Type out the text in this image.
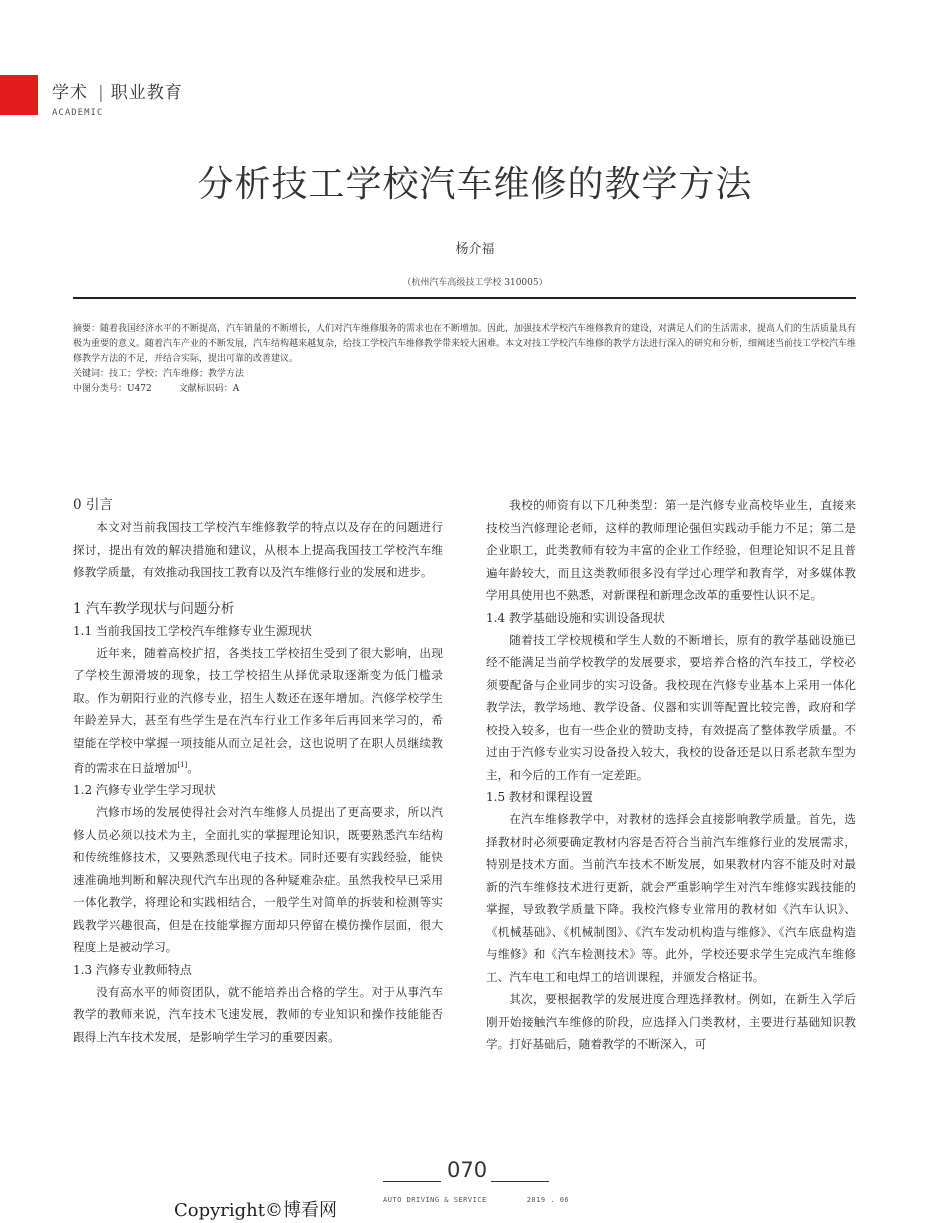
学术 | 职业教育
ACADEMIC
分析技工学校汽车维修的教学方法
杨介福
（杭州汽车高级技工学校 310005）

摘要：随着我国经济水平的不断提高，汽车销量的不断增长，人们对汽车维修服务的需求也在不断增加。因此，加强技术学校汽车维修教育的建设，对满足人们的生活需求，提高人们的生活质量具有极为重要的意义。随着汽车产业的不断发展，汽车结构越来越复杂，给技工学校汽车维修教学带来较大困难。本文对技工学校汽车维修的教学方法进行深入的研究和分析，细阐述当前技工学校汽车维修教学方法的不足，并结合实际，提出可靠的改善建议。

关键词：技工；学校；汽车维修；教学方法

中图分类号：U472　　　文献标识码：A

0 引言

本文对当前我国技工学校汽车维修教学的特点以及存在的问题进行探讨，提出有效的解决措施和建议，从根本上提高我国技工学校汽车维修教学质量，有效推动我国技工教育以及汽车维修行业的发展和进步。

1 汽车教学现状与问题分析

1.1 当前我国技工学校汽车维修专业生源现状

近年来，随着高校扩招，各类技工学校招生受到了很大影响，出现了学校生源滑坡的现象，技工学校招生从择优录取逐渐变为低门槛录取。作为朝阳行业的汽修专业，招生人数还在逐年增加。汽修学校学生年龄差异大，甚至有些学生是在汽车行业工作多年后再回来学习的，希望能在学校中掌握一项技能从而立足社会，这也说明了在职人员继续教育的需求在日益增加[1]。

1.2 汽修专业学生学习现状

汽修市场的发展使得社会对汽车维修人员提出了更高要求，所以汽修人员必须以技术为主，全面扎实的掌握理论知识，既要熟悉汽车结构和传统维修技术，又要熟悉现代电子技术。同时还要有实践经验，能快速准确地判断和解决现代汽车出现的各种疑难杂症。虽然我校早已采用一体化教学，将理论和实践相结合，一般学生对简单的拆装和检测等实践教学兴趣很高，但是在技能掌握方面却只停留在模仿操作层面，很大程度上是被动学习。

1.3 汽修专业教师特点

没有高水平的师资团队，就不能培养出合格的学生。对于从事汽车教学的教师来说，汽车技术飞速发展，教师的专业知识和操作技能能否跟得上汽车技术发展，是影响学生学习的重要因素。

我校的师资有以下几种类型：第一是汽修专业高校毕业生，直接来技校当汽修理论老师，这样的教师理论强但实践动手能力不足；第二是企业职工，此类教师有较为丰富的企业工作经验，但理论知识不足且普遍年龄较大，而且这类教师很多没有学过心理学和教育学，对多媒体教学用具使用也不熟悉，对新课程和新理念改革的重要性认识不足。

1.4 教学基础设施和实训设备现状

随着技工学校规模和学生人数的不断增长，原有的教学基础设施已经不能满足当前学校教学的发展要求，要培养合格的汽车技工，学校必须要配备与企业同步的实习设备。我校现在汽修专业基本上采用一体化教学法，教学场地、教学设备、仪器和实训等配置比较完善，政府和学校投入较多，也有一些企业的赞助支持，有效提高了整体教学质量。不过由于汽修专业实习设备投入较大，我校的设备还是以日系老款车型为主，和今后的工作有一定差距。

1.5 教材和课程设置

在汽车维修教学中，对教材的选择会直接影响教学质量。首先，选择教材时必须要确定教材内容是否符合当前汽车维修行业的发展需求，特别是技术方面。当前汽车技术不断发展，如果教材内容不能及时对最新的汽车维修技术进行更新，就会严重影响学生对汽车维修实践技能的掌握，导致教学质量下降。我校汽修专业常用的教材如《汽车认识》、《机械基础》、《机械制图》、《汽车发动机构造与维修》、《汽车底盘构造与维修》和《汽车检测技术》等。此外，学校还要求学生完成汽车维修工、汽车电工和电焊工的培训课程，并颁发合格证书。

其次，要根据教学的发展进度合理选择教材。例如，在新生入学后刚开始接触汽车维修的阶段，应选择入门类教材，主要进行基础知识教学。打好基础后，随着教学的不断深入，可

070
AUTO DRIVING & SERVICE	2019 . 06
Copyright©博看网
